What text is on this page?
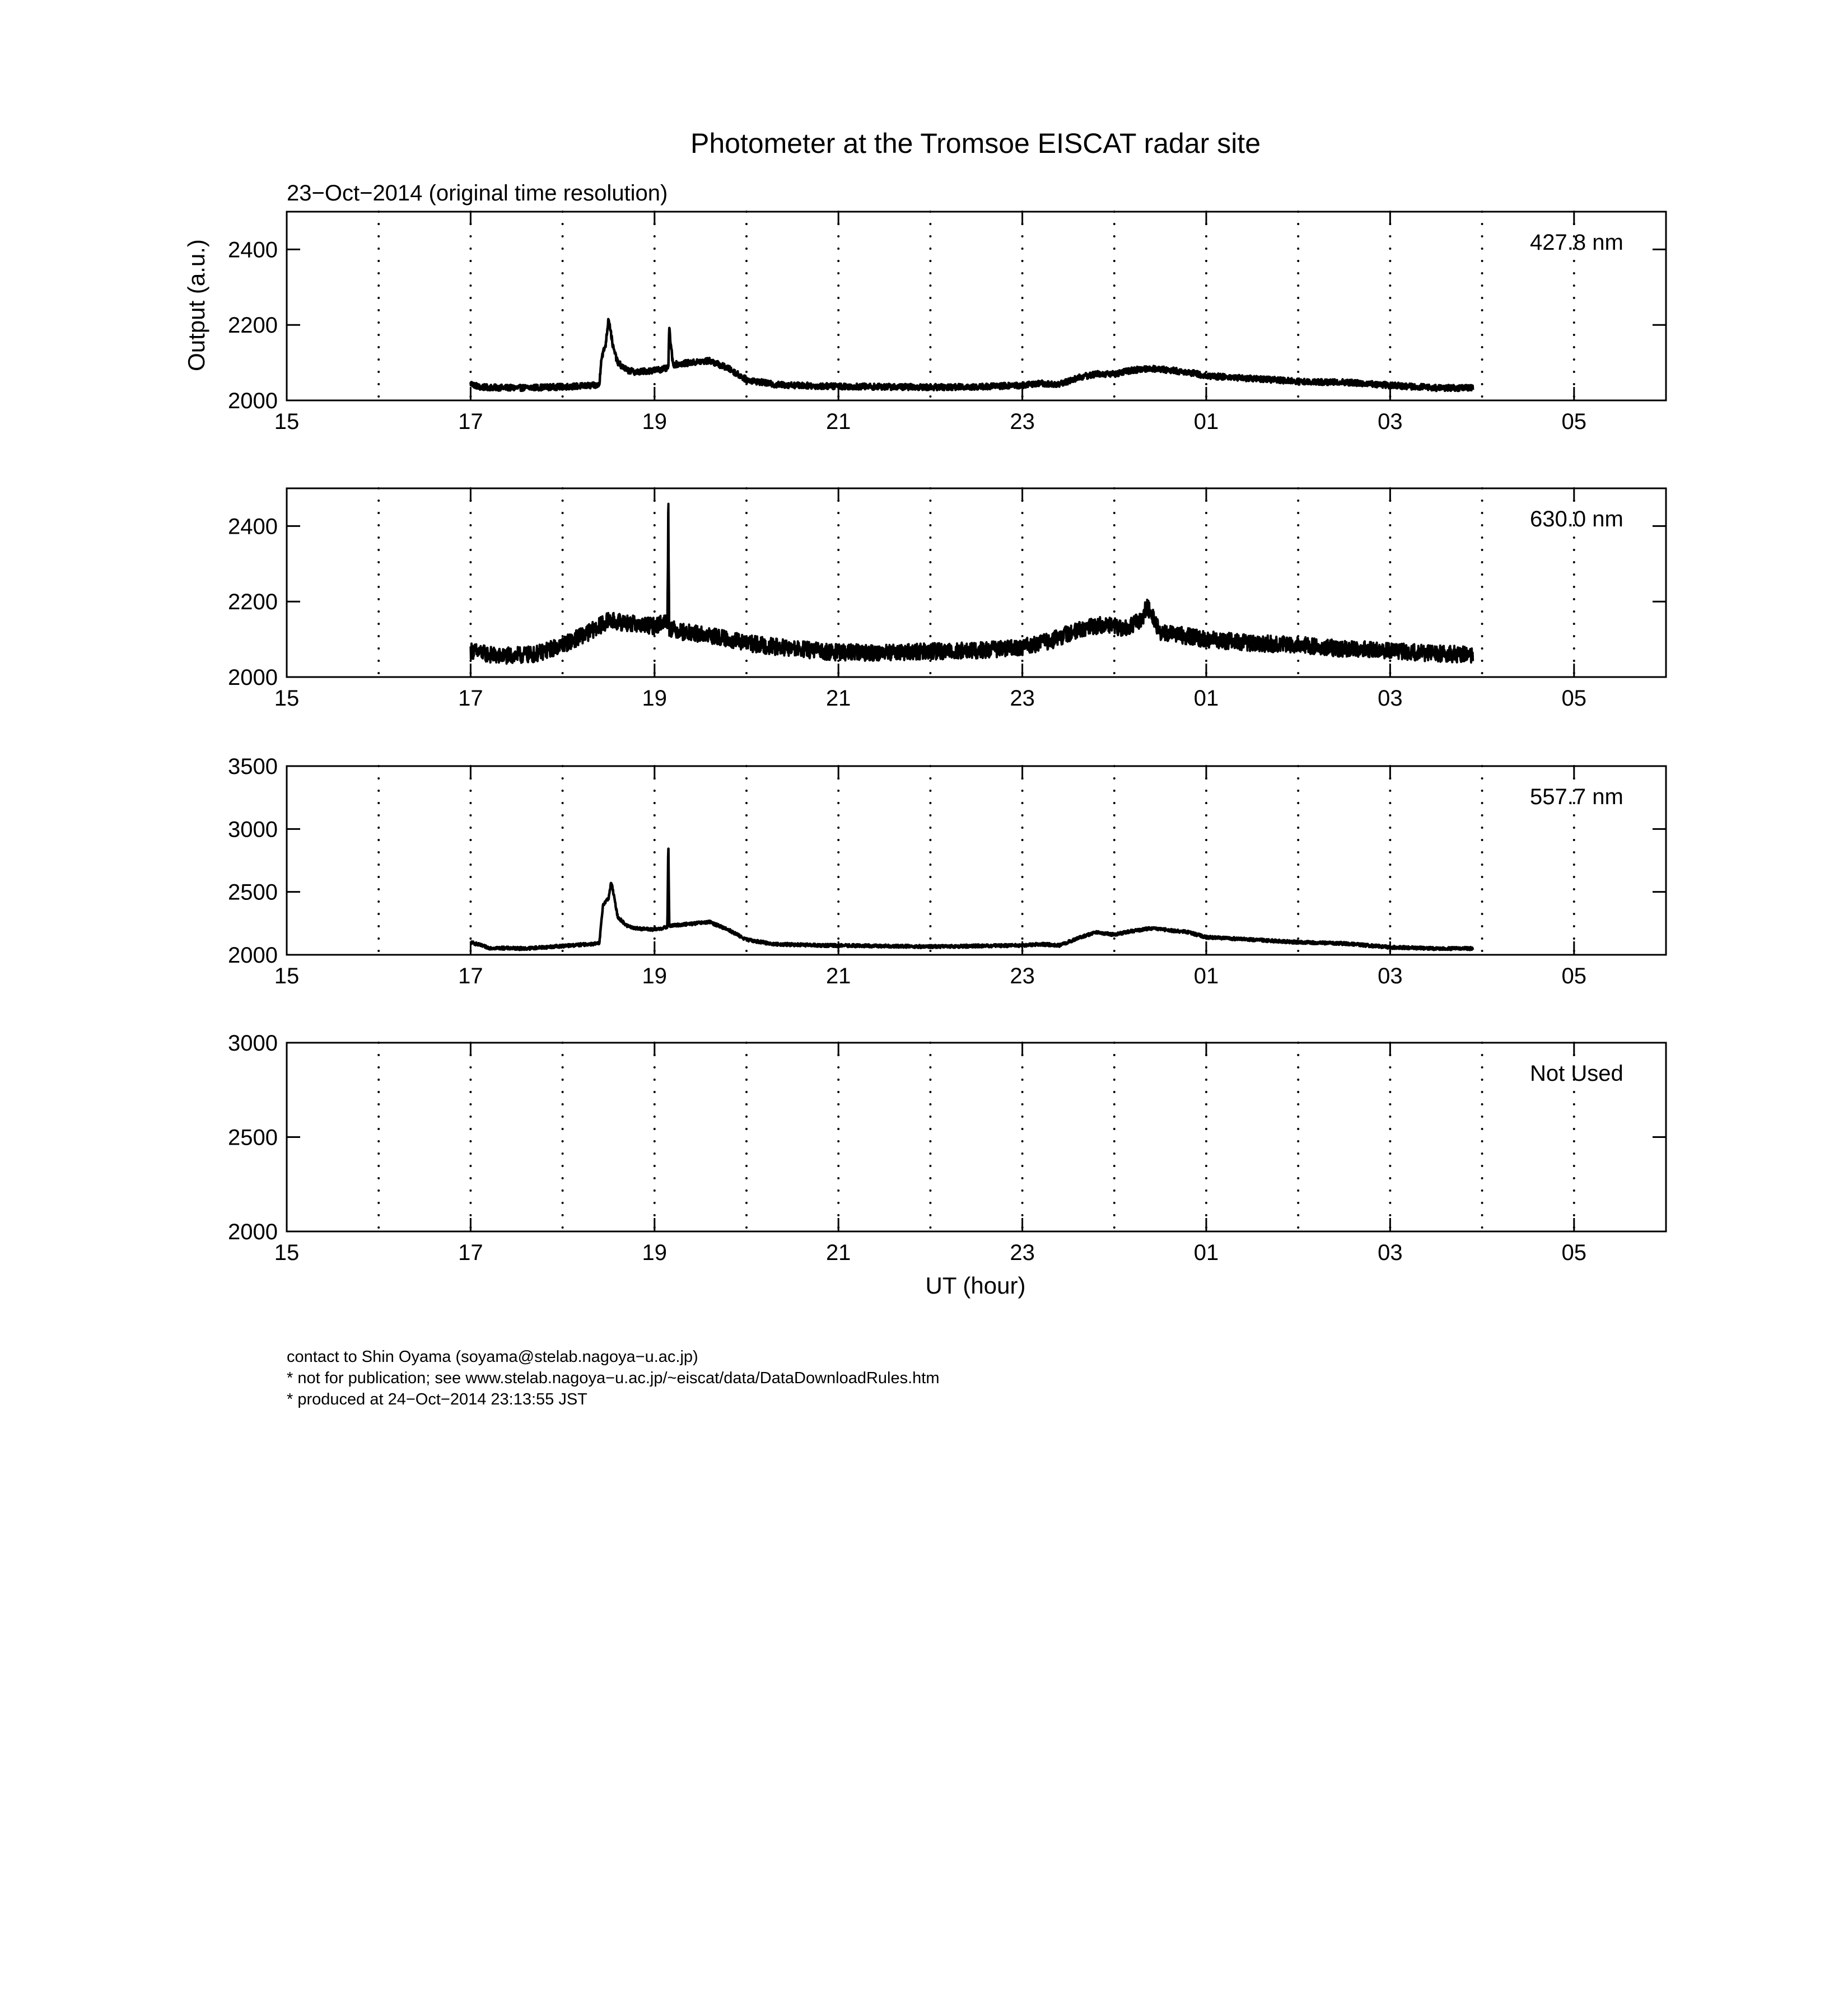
Photometer at the Tromsoe EISCAT radar site
23−Oct−2014 (original time resolution)
Output (a.u.)
UT (hour)
2000
2200
2400
15	17	19	21	23	01	03	05
427.8 nm
2000
2200
2400
15	17	19	21	23	01	03	05
630.0 nm
2000
2500
3000
3500
15	17	19	21	23	01	03	05
557.7 nm
2000
2500
3000
15	17	19	21	23	01	03	05
Not Used
contact to Shin Oyama (soyama@stelab.nagoya−u.ac.jp)
* not for publication; see www.stelab.nagoya−u.ac.jp/~eiscat/data/DataDownloadRules.htm
* produced at 24−Oct−2014 23:13:55 JST
